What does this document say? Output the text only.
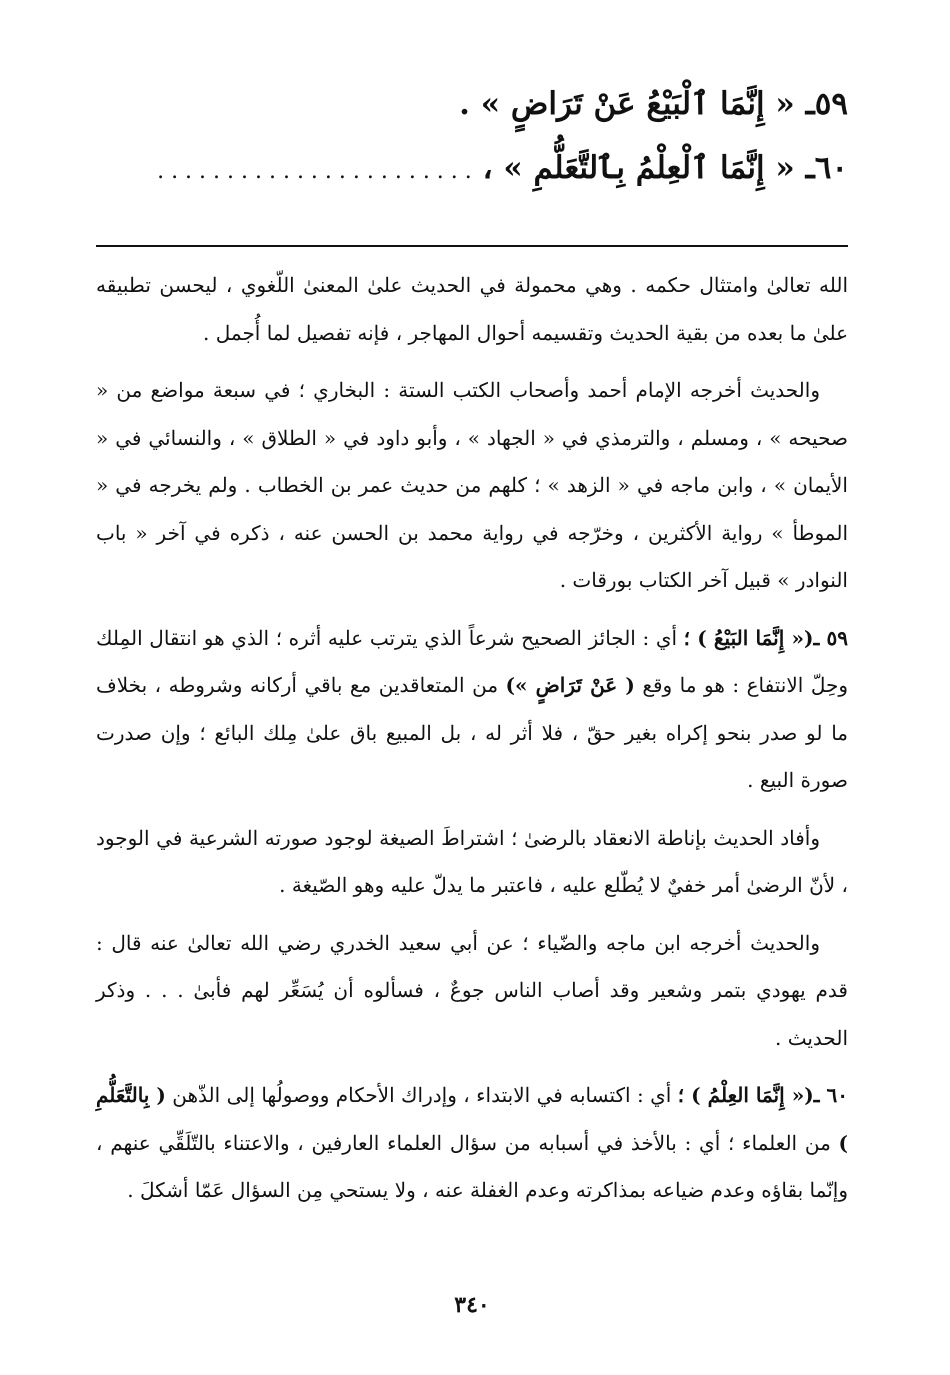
٥٩ـ « إِنَّمَا ٱلْبَيْعُ عَنْ تَرَاضٍ » .
٦٠ـ « إِنَّمَا ٱلْعِلْمُ بِٱلتَّعَلُّمِ » ، . . . . . . . . . . . . . . . . . . . . . . .

الله تعالىٰ وامتثال حكمه . وهي محمولة في الحديث علىٰ المعنىٰ اللّغوي ، ليحسن تطبيقه علىٰ ما بعده من بقية الحديث وتقسيمه أحوال المهاجر ، فإنه تفصيل لما أُجمل .

والحديث أخرجه الإمام أحمد وأصحاب الكتب الستة : البخاري ؛ في سبعة مواضع من « صحيحه » ، ومسلم ، والترمذي في « الجهاد » ، وأبو داود في « الطلاق » ، والنسائي في « الأيمان » ، وابن ماجه في « الزهد » ؛ كلهم من حديث عمر بن الخطاب . ولم يخرجه في « الموطأ » رواية الأكثرين ، وخرّجه في رواية محمد بن الحسن عنه ، ذكره في آخر « باب النوادر » قبيل آخر الكتاب بورقات .

٥٩ ـ(« إِنَّمَا البَيْعُ ) ؛ أي : الجائز الصحيح شرعاً الذي يترتب عليه أثره ؛ الذي هو انتقال المِلك وحِلّ الانتفاع : هو ما وقع ( عَنْ تَرَاضٍ ») من المتعاقدين مع باقي أركانه وشروطه ، بخلاف ما لو صدر بنحو إكراه بغير حقّ ، فلا أثر له ، بل المبيع باق علىٰ مِلك البائع ؛ وإن صدرت صورة البيع .

وأفاد الحديث بإناطة الانعقاد بالرضىٰ ؛ اشتراطَ الصيغة لوجود صورته الشرعية في الوجود ، لأنّ الرضىٰ أمر خفيٌ لا يُطّلع عليه ، فاعتبر ما يدلّ عليه وهو الصّيغة .

والحديث أخرجه ابن ماجه والضّياء ؛ عن أبي سعيد الخدري رضي الله تعالىٰ عنه قال : قدم يهودي بتمر وشعير وقد أصاب الناس جوعٌ ، فسألوه أن يُسَعِّر لهم فأبىٰ . . . وذكر الحديث .

٦٠ ـ(« إِنَّمَا العِلْمُ ) ؛ أي : اكتسابه في الابتداء ، وإدراك الأحكام ووصولُها إلى الذّهن ( بِالتَّعَلُّمِ ) من العلماء ؛ أي : بالأخذ في أسبابه من سؤال العلماء العارفين ، والاعتناء بالتّلَقِّي عنهم ، وإنّما بقاؤه وعدم ضياعه بمذاكرته وعدم الغفلة عنه ، ولا يستحي مِن السؤال عَمّا أشكلَ .

٣٤٠
